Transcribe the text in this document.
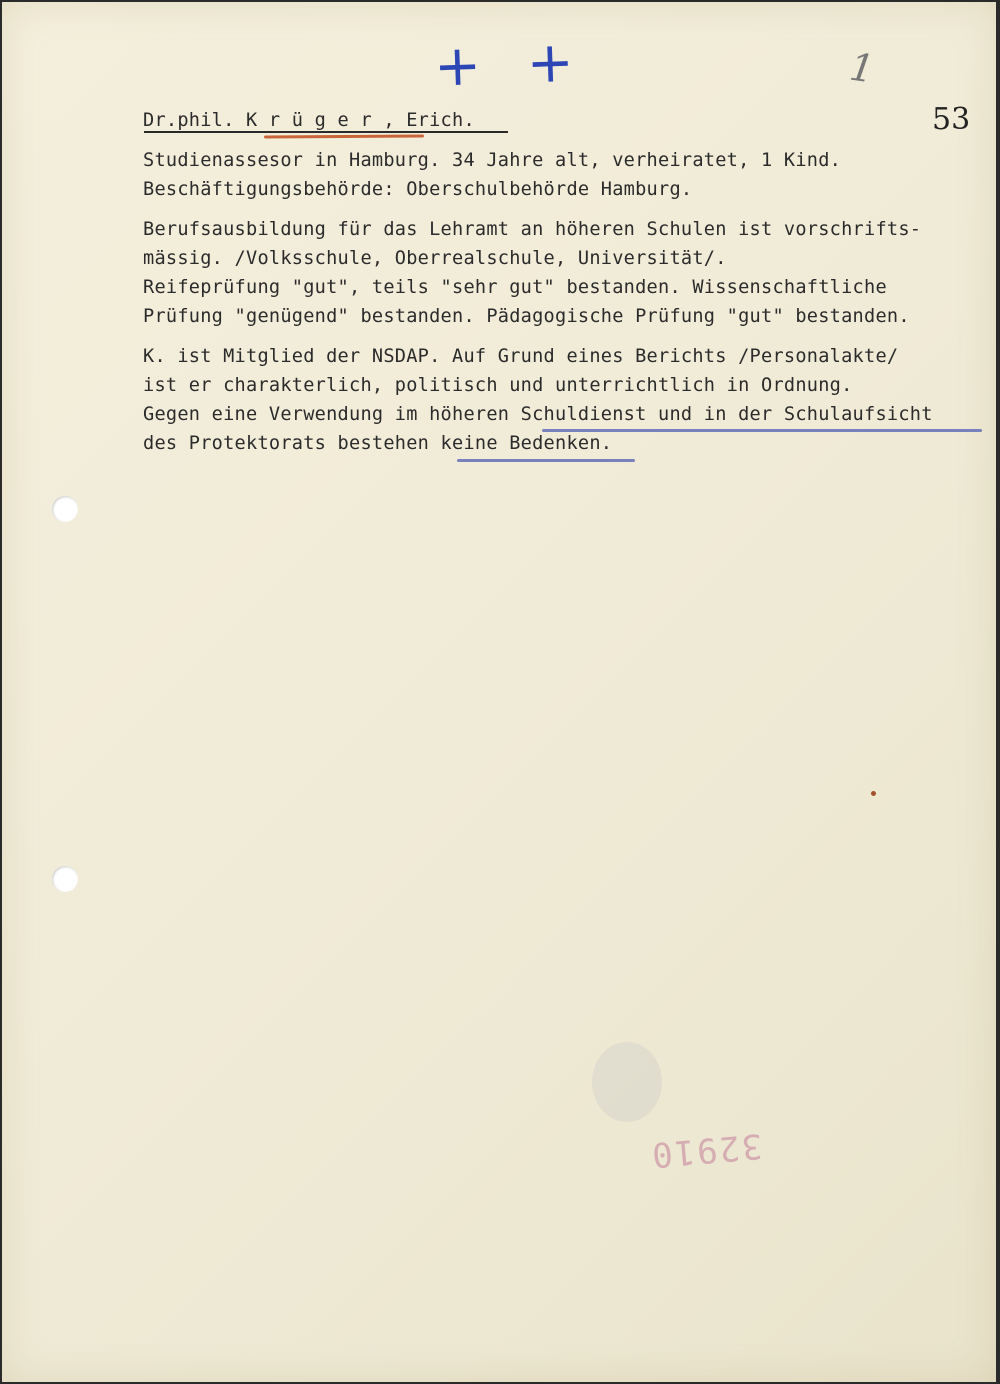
+ +	1
53
Dr.phil. K r ü g e r , Erich.
Studienassesor in Hamburg. 34 Jahre alt, verheiratet, 1 Kind.
Beschäftigungsbehörde: Oberschulbehörde Hamburg.
Berufsausbildung für das Lehramt an höheren Schulen ist vorschrifts-
mässig. /Volksschule, Oberrealschule, Universität/.
Reifeprüfung "gut", teils "sehr gut" bestanden. Wissenschaftliche
Prüfung "genügend" bestanden. Pädagogische Prüfung "gut" bestanden.
K. ist Mitglied der NSDAP. Auf Grund eines Berichts /Personalakte/
ist er charakterlich, politisch und unterrichtlich in Ordnung.
Gegen eine Verwendung im höheren Schuldienst und in der Schulaufsicht
des Protektorats bestehen keine Bedenken.
32910
